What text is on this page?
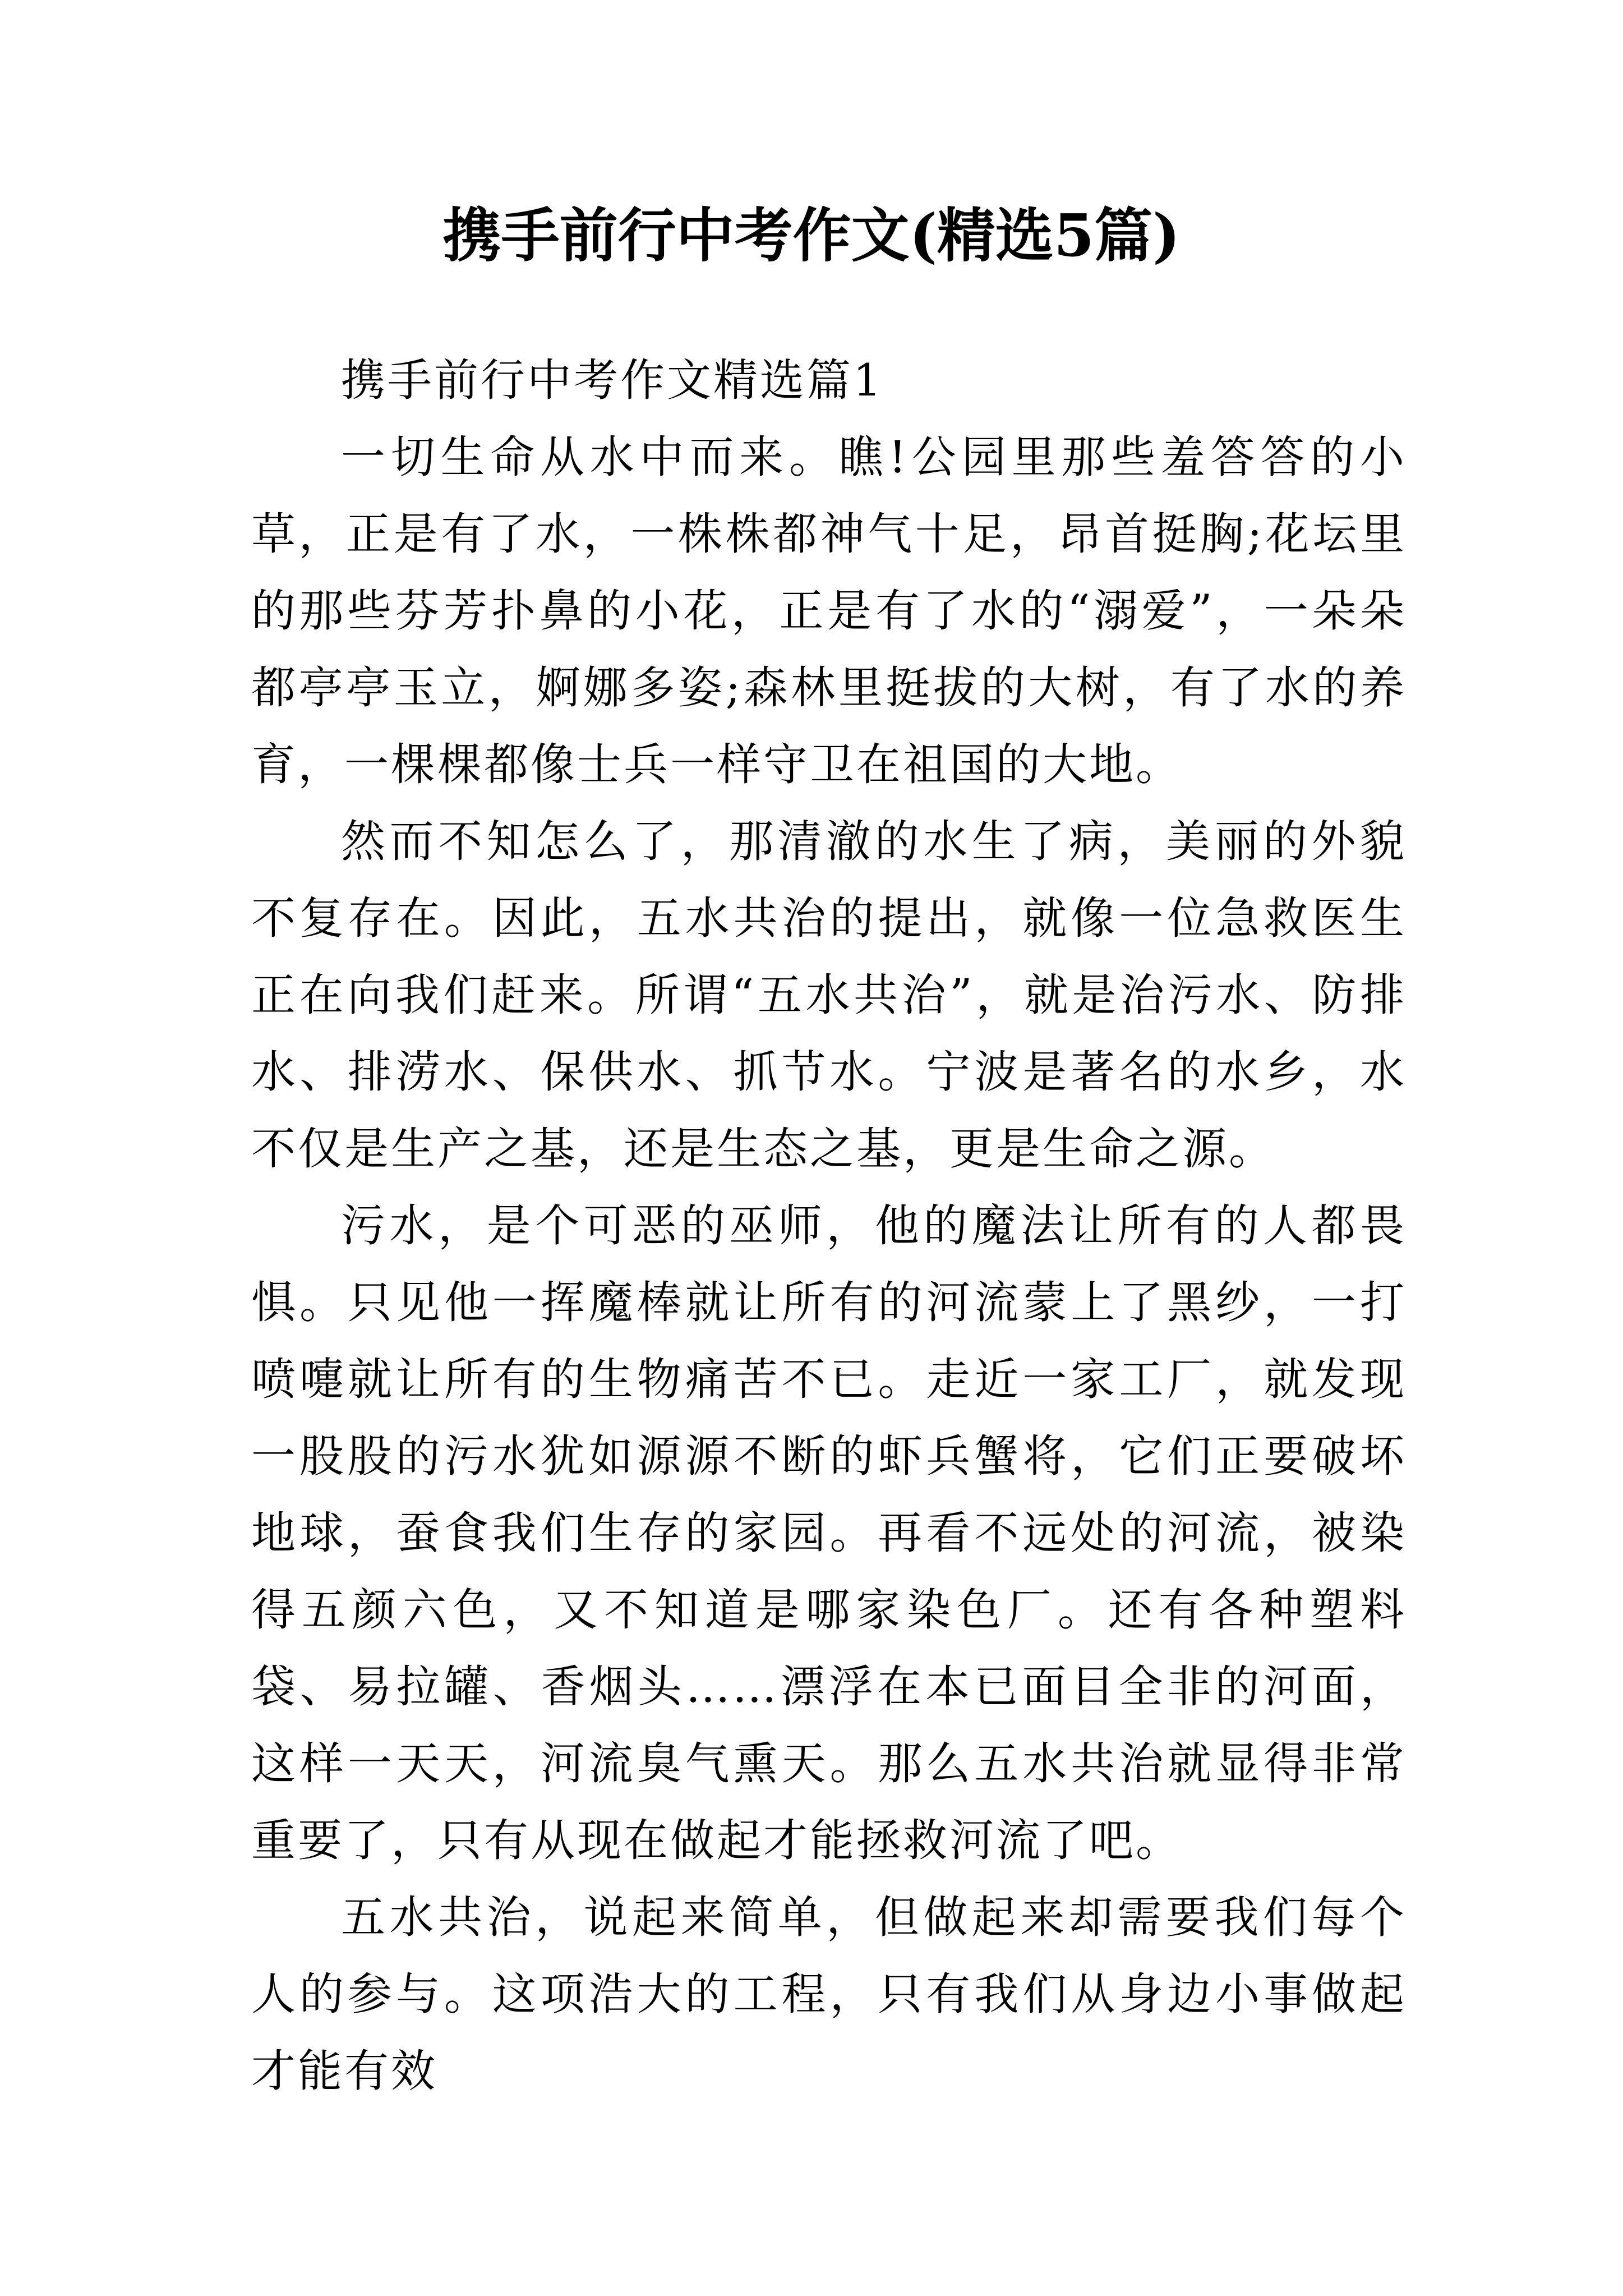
携手前行中考作文(精选5篇)

携手前行中考作文精选篇1

一切生命从水中而来。瞧!公园里那些羞答答的小草，正是有了水，一株株都神气十足，昂首挺胸;花坛里的那些芬芳扑鼻的小花，正是有了水的“溺爱”，一朵朵都亭亭玉立，婀娜多姿;森林里挺拔的大树，有了水的养育，一棵棵都像士兵一样守卫在祖国的大地。

然而不知怎么了，那清澈的水生了病，美丽的外貌不复存在。因此，五水共治的提出，就像一位急救医生正在向我们赶来。所谓“五水共治”，就是治污水、防排水、排涝水、保供水、抓节水。宁波是著名的水乡，水不仅是生产之基，还是生态之基，更是生命之源。

污水，是个可恶的巫师，他的魔法让所有的人都畏惧。只见他一挥魔棒就让所有的河流蒙上了黑纱，一打喷嚏就让所有的生物痛苦不已。走近一家工厂，就发现一股股的污水犹如源源不断的虾兵蟹将，它们正要破坏地球，蚕食我们生存的家园。再看不远处的河流，被染得五颜六色，又不知道是哪家染色厂。还有各种塑料袋、易拉罐、香烟头……漂浮在本已面目全非的河面，这样一天天，河流臭气熏天。那么五水共治就显得非常重要了，只有从现在做起才能拯救河流了吧。

五水共治，说起来简单，但做起来却需要我们每个人的参与。这项浩大的工程，只有我们从身边小事做起才能有效
